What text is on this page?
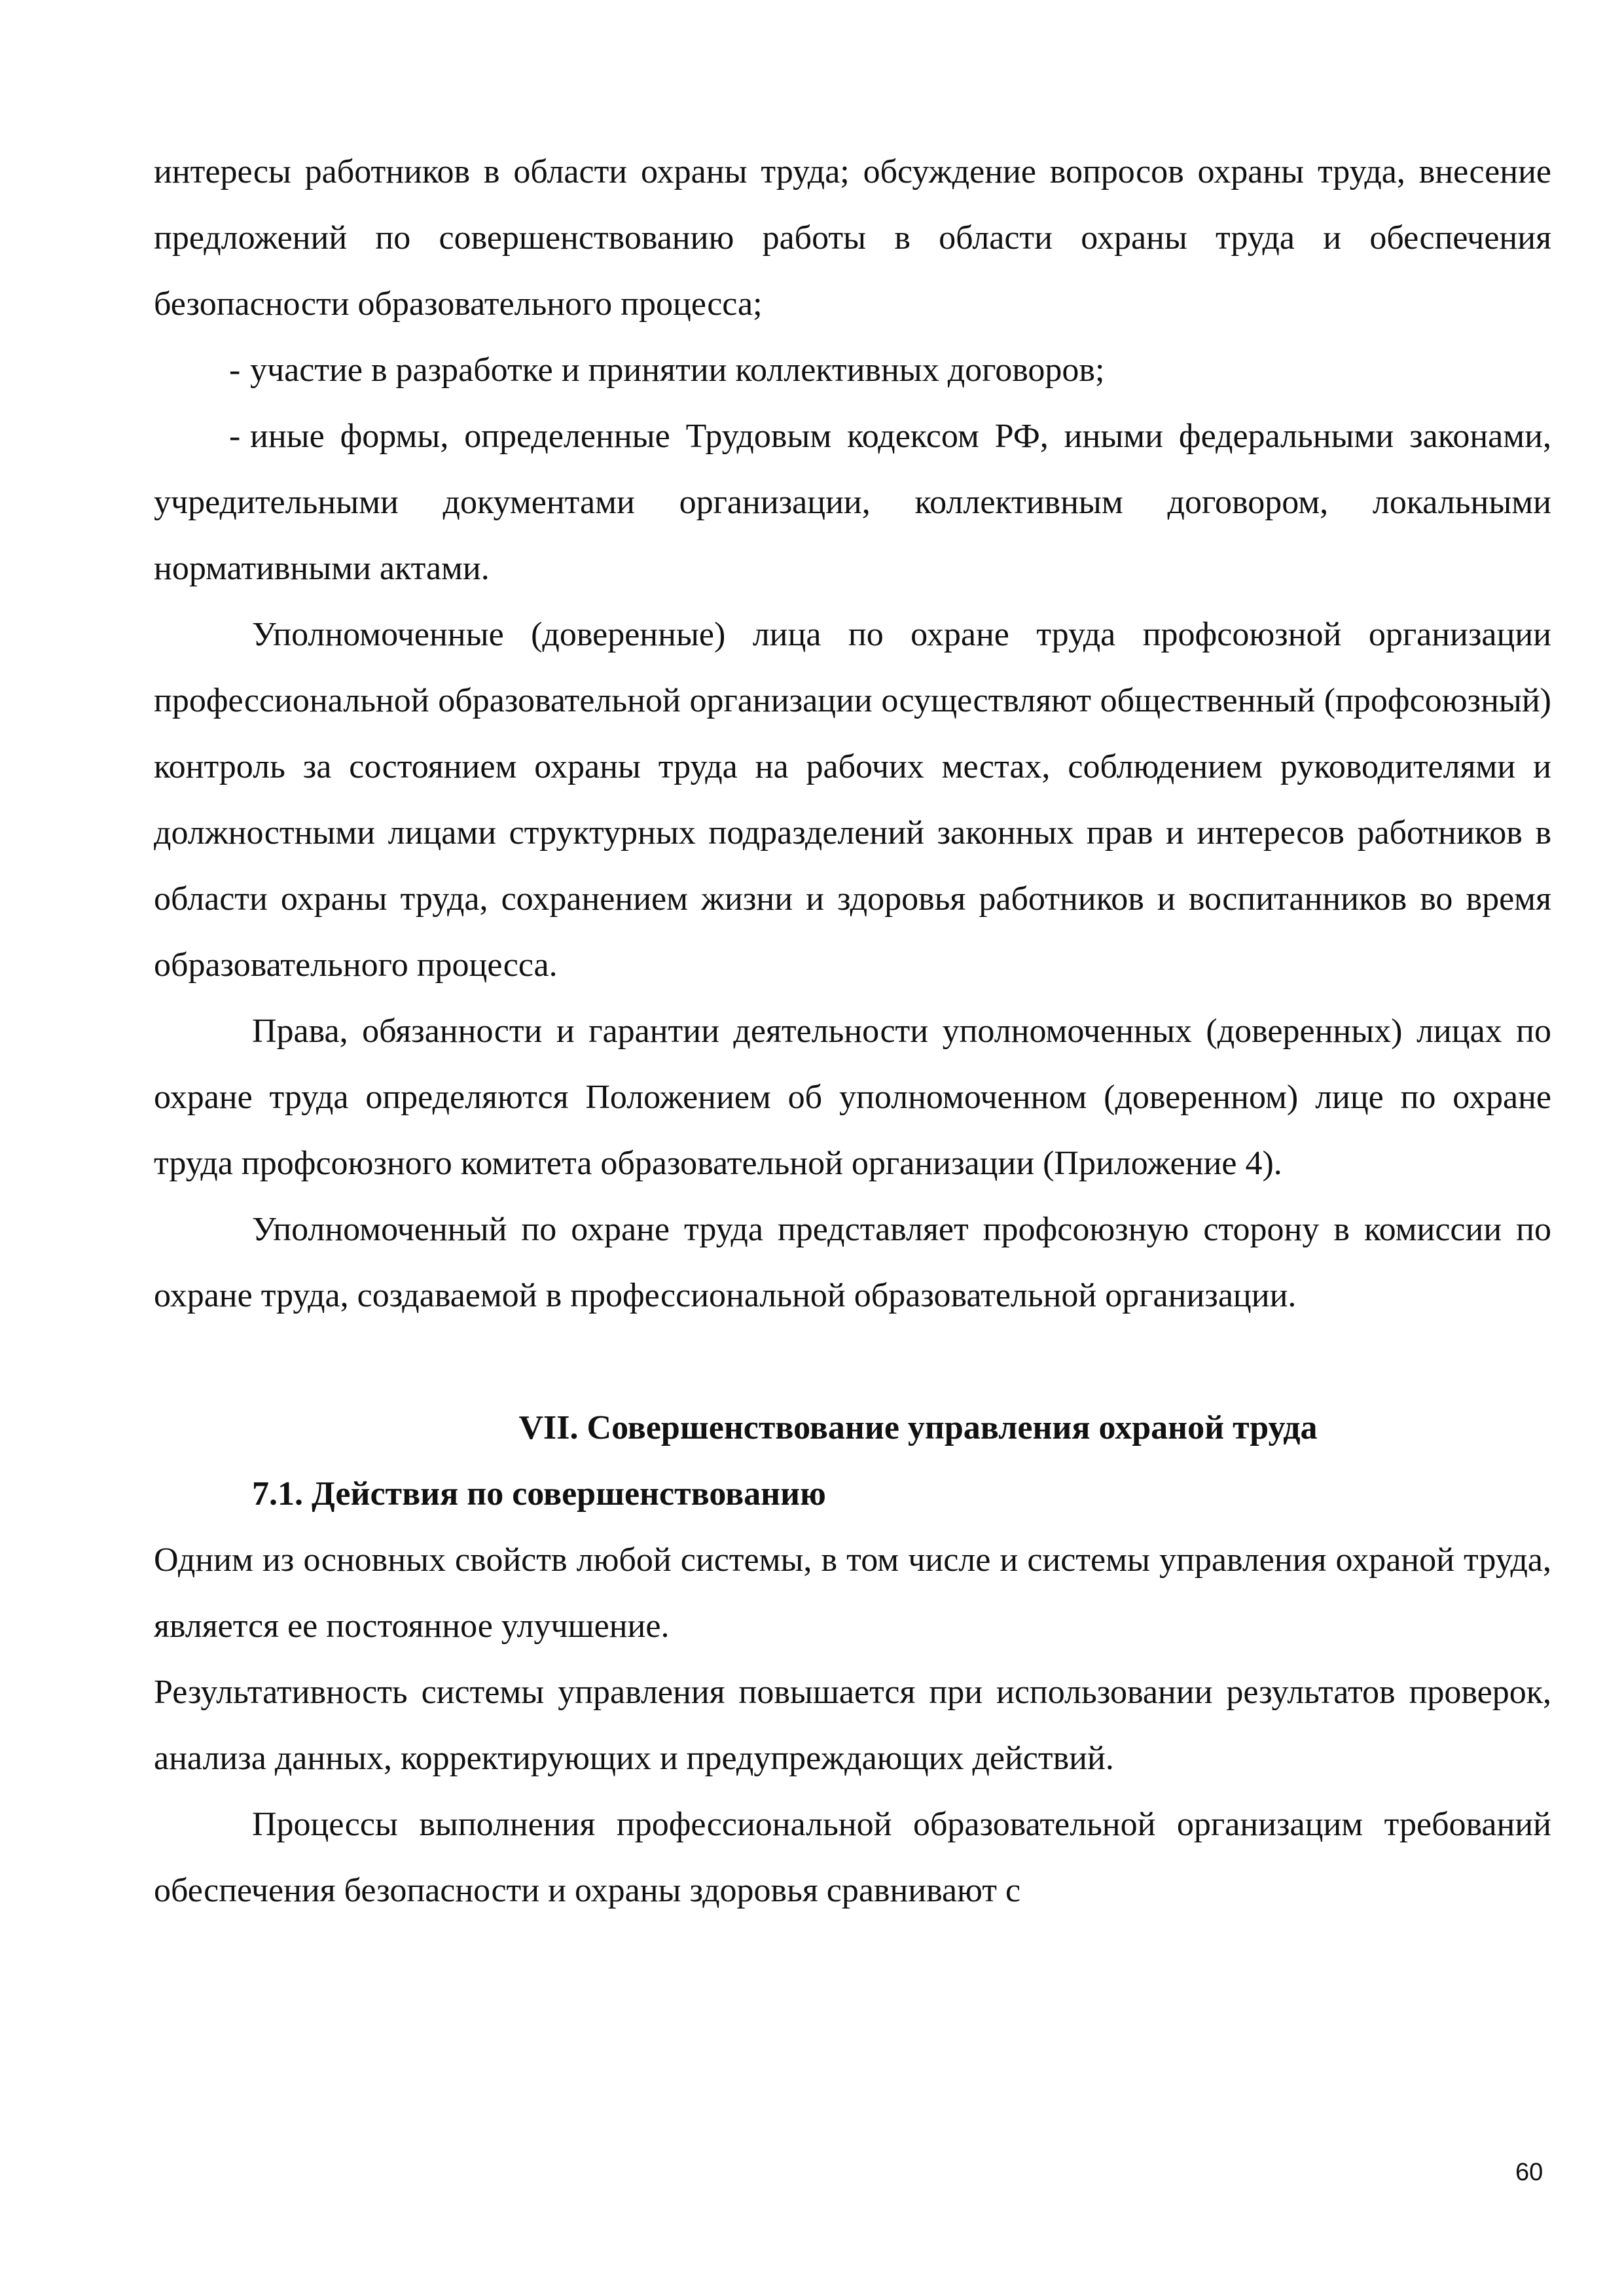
интересы работников в области охраны труда; обсуждение вопросов охраны труда, внесение предложений по совершенствованию работы в области охраны труда и обеспечения безопасности образовательного процесса;

- участие в разработке и принятии коллективных договоров;

- иные формы, определенные Трудовым кодексом РФ, иными федеральными законами, учредительными документами организации, коллективным договором, локальными нормативными актами.

Уполномоченные (доверенные) лица по охране труда профсоюзной организации профессиональной образовательной организации осуществляют общественный (профсоюзный) контроль за состоянием охраны труда на рабочих местах, соблюдением руководителями и должностными лицами структурных подразделений законных прав и интересов работников в области охраны труда, сохранением жизни и здоровья работников и воспитанников во время образовательного процесса.

Права, обязанности и гарантии деятельности уполномоченных (доверенных) лицах по охране труда определяются Положением об уполномоченном (доверенном) лице по охране труда профсоюзного комитета образовательной организации (Приложение 4).

Уполномоченный по охране труда представляет профсоюзную сторону в комиссии по охране труда, создаваемой в профессиональной образовательной организации.

VII. Совершенствование управления охраной труда

7.1. Действия по совершенствованию

Одним из основных свойств любой системы, в том числе и системы управления охраной труда, является ее постоянное улучшение.

Результативность системы управления повышается при использовании результатов проверок, анализа данных, корректирующих и предупреждающих действий.

Процессы выполнения профессиональной образовательной организацим требований обеспечения безопасности и охраны здоровья сравнивают с

60
